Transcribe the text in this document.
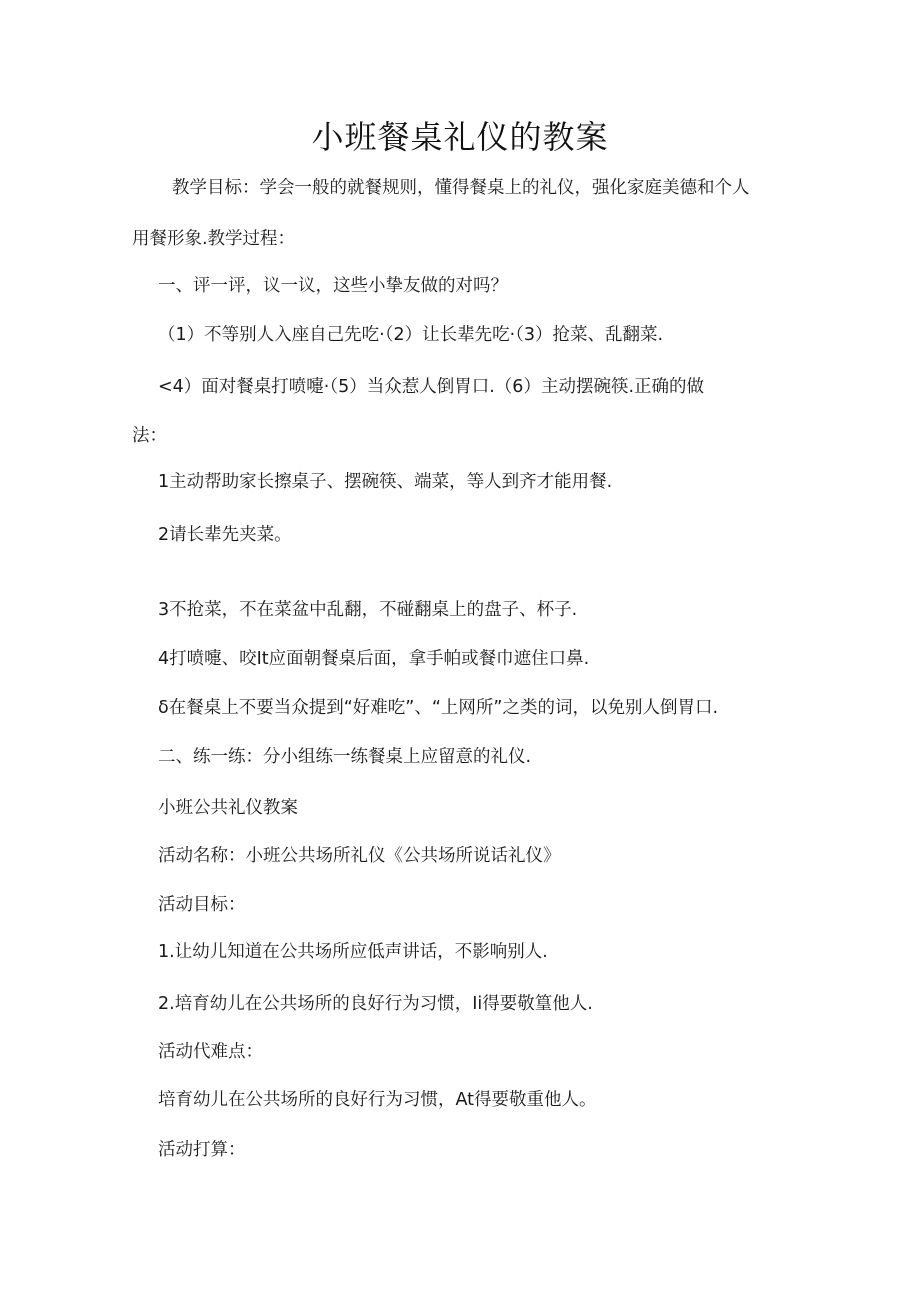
小班餐桌礼仪的教案
教学目标：学会一般的就餐规则，懂得餐桌上的礼仪，强化家庭美德和个人
用餐形象.教学过程：
一、评一评，议一议，这些小挚友做的对吗？
（1）不等别人入座自己先吃·（2）让长辈先吃·（3）抢菜、乱翻菜.
<4）面对餐桌打喷嚏·（5）当众惹人倒胃口.（6）主动摆碗筷.正确的做
法：
1主动帮助家长擦桌子、摆碗筷、端菜，等人到齐才能用餐.
2请长辈先夹菜。
3不抢菜，不在菜盆中乱翻，不碰翻桌上的盘子、杯子.
4打喷嚏、咬It应面朝餐桌后面，拿手帕或餐巾遮住口鼻.
δ在餐桌上不要当众提到“好难吃”、“上网所”之类的词，以免别人倒胃口.
二、练一练：分小组练一练餐桌上应留意的礼仪.
小班公共礼仪教案
活动名称：小班公共场所礼仪《公共场所说话礼仪》
活动目标：
1.让幼儿知道在公共场所应低声讲话，不影响别人.
2.培育幼儿在公共场所的良好行为习惯，Ii得要敬篁他人.
活动代难点：
培育幼儿在公共场所的良好行为习惯，At得要敬重他人。
活动打算：
